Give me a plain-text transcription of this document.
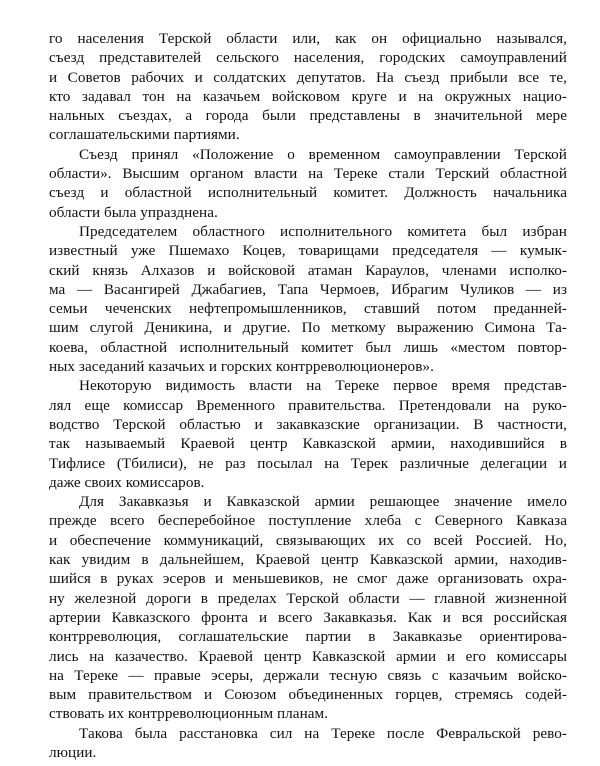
го населения Терской области или, как он официально назывался,
съезд представителей сельского населения, городских самоуправлений
и Советов рабочих и солдатских депутатов. На съезд прибыли все те,
кто задавал тон на казачьем войсковом круге и на окружных нацио-
нальных съездах, а города были представлены в значительной мере
соглашательскими партиями.
Съезд принял «Положение о временном самоуправлении Терской
области». Высшим органом власти на Тереке стали Терский областной
съезд и областной исполнительный комитет. Должность начальника
области была упразднена.
Председателем областного исполнительного комитета был избран
известный уже Пшемахо Коцев, товарищами председателя — кумык-
ский князь Алхазов и войсковой атаман Караулов, членами исполко-
ма — Васангирей Джабагиев, Тапа Чермоев, Ибрагим Чуликов — из
семьи чеченских нефтепромышленников, ставший потом преданней-
шим слугой Деникина, и другие. По меткому выражению Симона Та-
коева, областной исполнительный комитет был лишь «местом повтор-
ных заседаний казачьих и горских контрреволюционеров».
Некоторую видимость власти на Тереке первое время представ-
лял еще комиссар Временного правительства. Претендовали на руко-
водство Терской областью и закавказские организации. В частности,
так называемый Краевой центр Кавказской армии, находившийся в
Тифлисе (Тбилиси), не раз посылал на Терек различные делегации и
даже своих комиссаров.
Для Закавказья и Кавказской армии решающее значение имело
прежде всего бесперебойное поступление хлеба с Северного Кавказа
и обеспечение коммуникаций, связывающих их со всей Россией. Но,
как увидим в дальнейшем, Краевой центр Кавказской армии, находив-
шийся в руках эсеров и меньшевиков, не смог даже организовать охра-
ну железной дороги в пределах Терской области — главной жизненной
артерии Кавказского фронта и всего Закавказья. Как и вся российская
контрреволюция, соглашательские партии в Закавказье ориентирова-
лись на казачество. Краевой центр Кавказской армии и его комиссары
на Тереке — правые эсеры, держали тесную связь с казачьим войско-
вым правительством и Союзом объединенных горцев, стремясь содей-
ствовать их контрреволюционным планам.
Такова была расстановка сил на Тереке после Февральской рево-
люции.
